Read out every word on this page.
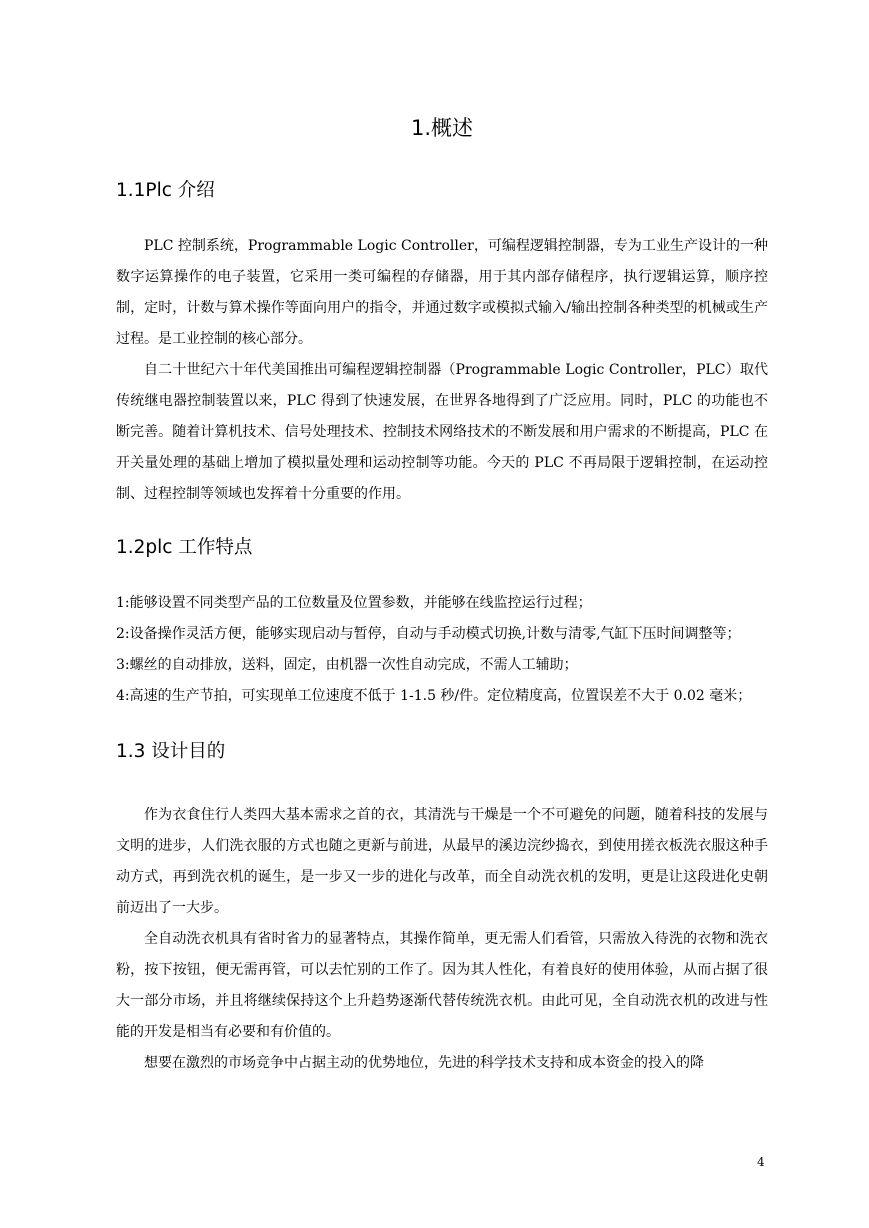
1.概述
1.1Plc 介绍

PLC 控制系统，Programmable Logic Controller，可编程逻辑控制器，专为工业生产设计的一种数字运算操作的电子装置，它采用一类可编程的存储器，用于其内部存储程序，执行逻辑运算，顺序控制，定时，计数与算术操作等面向用户的指令，并通过数字或模拟式输入/输出控制各种类型的机械或生产过程。是工业控制的核心部分。

自二十世纪六十年代美国推出可编程逻辑控制器（Programmable Logic Controller，PLC）取代传统继电器控制装置以来，PLC 得到了快速发展，在世界各地得到了广泛应用。同时，PLC 的功能也不断完善。随着计算机技术、信号处理技术、控制技术网络技术的不断发展和用户需求的不断提高，PLC 在开关量处理的基础上增加了模拟量处理和运动控制等功能。今天的 PLC 不再局限于逻辑控制，在运动控制、过程控制等领域也发挥着十分重要的作用。

1.2plc 工作特点

1:能够设置不同类型产品的工位数量及位置参数，并能够在线监控运行过程；

2:设备操作灵活方便，能够实现启动与暂停，自动与手动模式切换,计数与清零,气缸下压时间调整等；

3:螺丝的自动排放，送料，固定，由机器一次性自动完成，不需人工辅助；

4:高速的生产节拍，可实现单工位速度不低于 1-1.5 秒/件。定位精度高，位置误差不大于 0.02 毫米；

1.3 设计目的

作为衣食住行人类四大基本需求之首的衣，其清洗与干燥是一个不可避免的问题，随着科技的发展与文明的进步，人们洗衣服的方式也随之更新与前进，从最早的溪边浣纱捣衣，到使用搓衣板洗衣服这种手动方式，再到洗衣机的诞生，是一步又一步的进化与改革，而全自动洗衣机的发明，更是让这段进化史朝前迈出了一大步。

全自动洗衣机具有省时省力的显著特点，其操作简单，更无需人们看管，只需放入待洗的衣物和洗衣粉，按下按钮，便无需再管，可以去忙别的工作了。因为其人性化，有着良好的使用体验，从而占据了很大一部分市场，并且将继续保持这个上升趋势逐渐代替传统洗衣机。由此可见，全自动洗衣机的改进与性能的开发是相当有必要和有价值的。

想要在激烈的市场竞争中占据主动的优势地位，先进的科学技术支持和成本资金的投入的降

4
